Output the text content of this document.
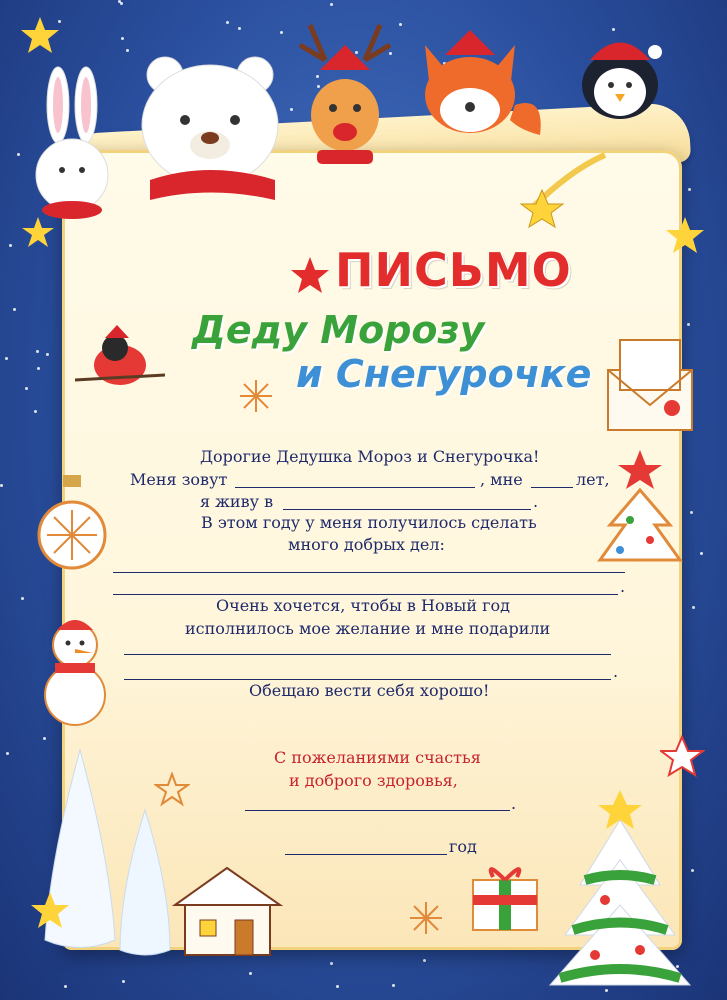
ПИСЬМО
Деду Морозу
и Снегурочке
Дорогие Дедушка Мороз и Снегурочка!
Меня зовут	, мне	лет,
я живу в	.
В этом году у меня получилось сделать
много добрых дел:
.
Очень хочется, чтобы в Новый год
исполнилось мое желание и мне подарили
.
Обещаю вести себя хорошо!
С пожеланиями счастья
и доброго здоровья,
.
год
